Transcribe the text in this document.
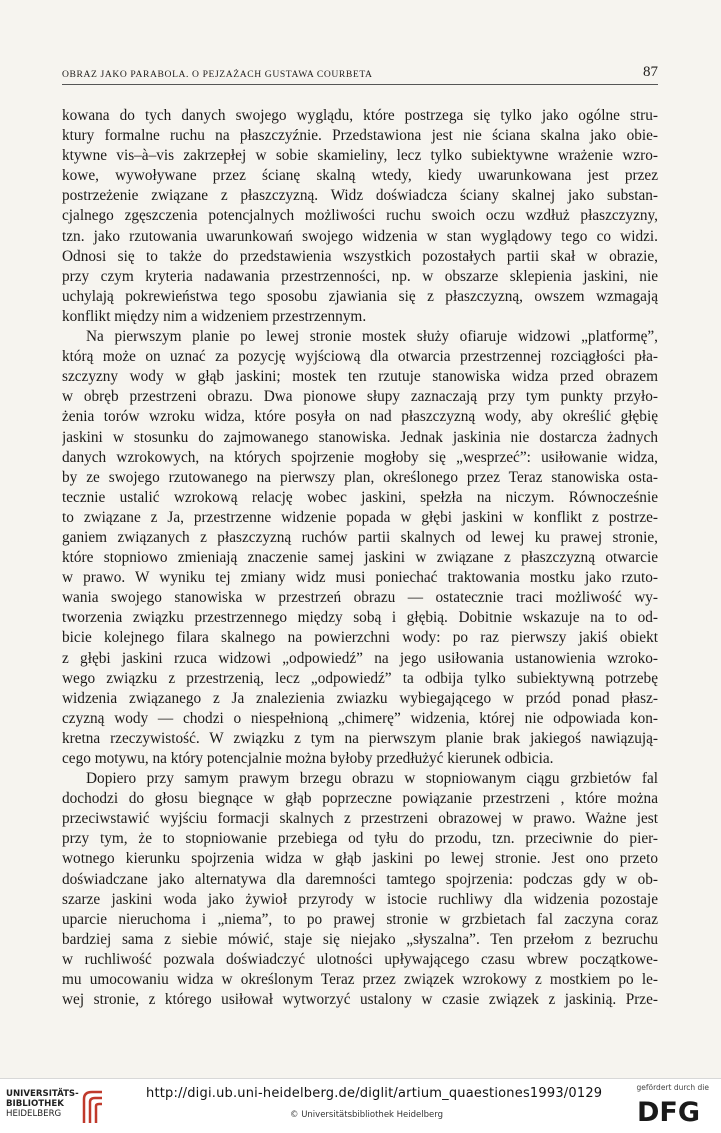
OBRAZ JAKO PARABOLA. O PEJZAŻACH GUSTAWA COURBETA	87
kowana do tych danych swojego wyglądu, które postrzega się tylko jako ogólne stru-
ktury formalne ruchu na płaszczyźnie. Przedstawiona jest nie ściana skalna jako obie-
ktywne vis–à–vis zakrzepłej w sobie skamieliny, lecz tylko subiektywne wrażenie wzro-
kowe, wywoływane przez ścianę skalną wtedy, kiedy uwarunkowana jest przez
postrzeżenie związane z płaszczyzną. Widz doświadcza ściany skalnej jako substan-
cjalnego zgęszczenia potencjalnych możliwości ruchu swoich oczu wzdłuż płaszczyzny,
tzn. jako rzutowania uwarunkowań swojego widzenia w stan wyglądowy tego co widzi.
Odnosi się to także do przedstawienia wszystkich pozostałych partii skał w obrazie,
przy czym kryteria nadawania przestrzenności, np. w obszarze sklepienia jaskini, nie
uchylają pokrewieństwa tego sposobu zjawiania się z płaszczyzną, owszem wzmagają
konflikt między nim a widzeniem przestrzennym.
Na pierwszym planie po lewej stronie mostek służy ofiaruje widzowi „platformę”,
którą może on uznać za pozycję wyjściową dla otwarcia przestrzennej rozciągłości pła-
szczyzny wody w głąb jaskini; mostek ten rzutuje stanowiska widza przed obrazem
w obręb przestrzeni obrazu. Dwa pionowe słupy zaznaczają przy tym punkty przyło-
żenia torów wzroku widza, które posyła on nad płaszczyzną wody, aby określić głębię
jaskini w stosunku do zajmowanego stanowiska. Jednak jaskinia nie dostarcza żadnych
danych wzrokowych, na których spojrzenie mogłoby się „wesprzeć”: usiłowanie widza,
by ze swojego rzutowanego na pierwszy plan, określonego przez Teraz stanowiska osta-
tecznie ustalić wzrokową relację wobec jaskini, spełzła na niczym. Równocześnie
to związane z Ja, przestrzenne widzenie popada w głębi jaskini w konflikt z postrze-
ganiem związanych z płaszczyzną ruchów partii skalnych od lewej ku prawej stronie,
które stopniowo zmieniają znaczenie samej jaskini w związane z płaszczyzną otwarcie
w prawo. W wyniku tej zmiany widz musi poniechać traktowania mostku jako rzuto-
wania swojego stanowiska w przestrzeń obrazu — ostatecznie traci możliwość wy-
tworzenia związku przestrzennego między sobą i głębią. Dobitnie wskazuje na to od-
bicie kolejnego filara skalnego na powierzchni wody: po raz pierwszy jakiś obiekt
z głębi jaskini rzuca widzowi „odpowiedź” na jego usiłowania ustanowienia wzroko-
wego związku z przestrzenią, lecz „odpowiedź” ta odbija tylko subiektywną potrzebę
widzenia związanego z Ja znalezienia zwiazku wybiegającego w przód ponad płasz-
czyzną wody — chodzi o niespełnioną „chimerę” widzenia, której nie odpowiada kon-
kretna rzeczywistość. W związku z tym na pierwszym planie brak jakiegoś nawiązują-
cego motywu, na który potencjalnie można byłoby przedłużyć kierunek odbicia.
Dopiero przy samym prawym brzegu obrazu w stopniowanym ciągu grzbietów fal
dochodzi do głosu biegnące w głąb poprzeczne powiązanie przestrzeni , które można
przeciwstawić wyjściu formacji skalnych z przestrzeni obrazowej w prawo. Ważne jest
przy tym, że to stopniowanie przebiega od tyłu do przodu, tzn. przeciwnie do pier-
wotnego kierunku spojrzenia widza w głąb jaskini po lewej stronie. Jest ono przeto
doświadczane jako alternatywa dla daremności tamtego spojrzenia: podczas gdy w ob-
szarze jaskini woda jako żywioł przyrody w istocie ruchliwy dla widzenia pozostaje
uparcie nieruchoma i „niema”, to po prawej stronie w grzbietach fal zaczyna coraz
bardziej sama z siebie mówić, staje się niejako „słyszalna”. Ten przełom z bezruchu
w ruchliwość pozwala doświadczyć ulotności upływającego czasu wbrew początkowe-
mu umocowaniu widza w określonym Teraz przez związek wzrokowy z mostkiem po le-
wej stronie, z którego usiłował wytworzyć ustalony w czasie związek z jaskinią. Prze-
UNIVERSITÄTS-
BIBLIOTHEK
HEIDELBERG
http://digi.ub.uni-heidelberg.de/diglit/artium_quaestiones1993/0129
© Universitätsbibliothek Heidelberg
gefördert durch die
DFG
